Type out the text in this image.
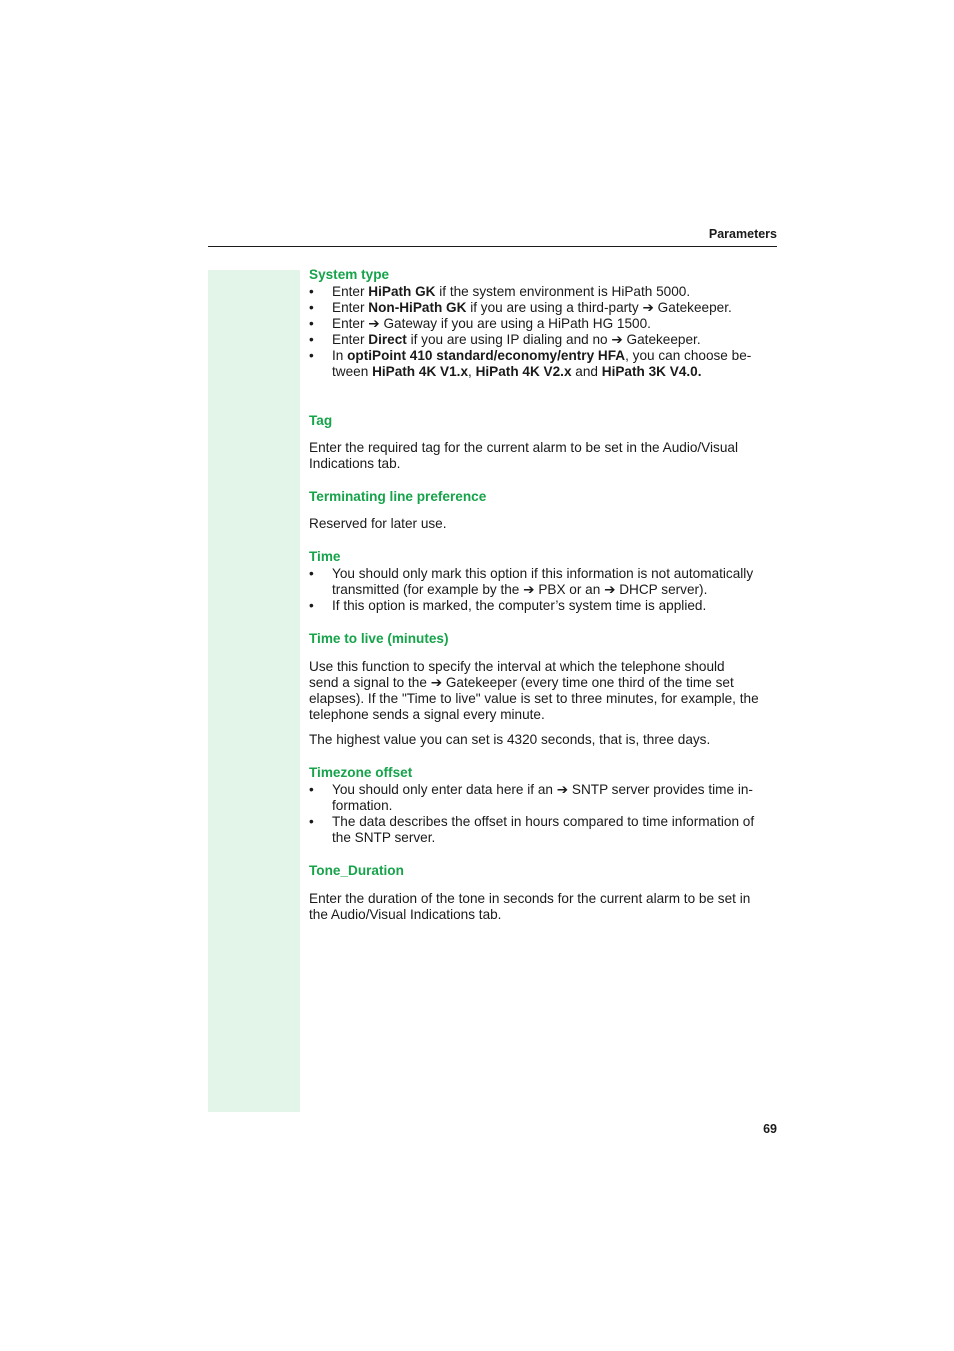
Parameters
System type
• Enter HiPath GK if the system environment is HiPath 5000.
• Enter Non-HiPath GK if you are using a third-party ➔ Gatekeeper.
• Enter ➔ Gateway if you are using a HiPath HG 1500.
• Enter Direct if you are using IP dialing and no ➔ Gatekeeper.
• In optiPoint 410 standard/economy/entry HFA, you can choose be-
tween HiPath 4K V1.x, HiPath 4K V2.x and HiPath 3K V4.0.
Tag

Enter the required tag for the current alarm to be set in the Audio/Visual
Indications tab.

Terminating line preference

Reserved for later use.

Time
• You should only mark this option if this information is not automatically
transmitted (for example by the ➔ PBX or an ➔ DHCP server).
• If this option is marked, the computer’s system time is applied.
Time to live (minutes)

Use this function to specify the interval at which the telephone should
send a signal to the ➔ Gatekeeper (every time one third of the time set
elapses). If the "Time to live" value is set to three minutes, for example, the
telephone sends a signal every minute.

The highest value you can set is 4320 seconds, that is, three days.

Timezone offset
• You should only enter data here if an ➔ SNTP server provides time in-
formation.
• The data describes the offset in hours compared to time information of
the SNTP server.
Tone_Duration

Enter the duration of the tone in seconds for the current alarm to be set in
the Audio/Visual Indications tab.

69
